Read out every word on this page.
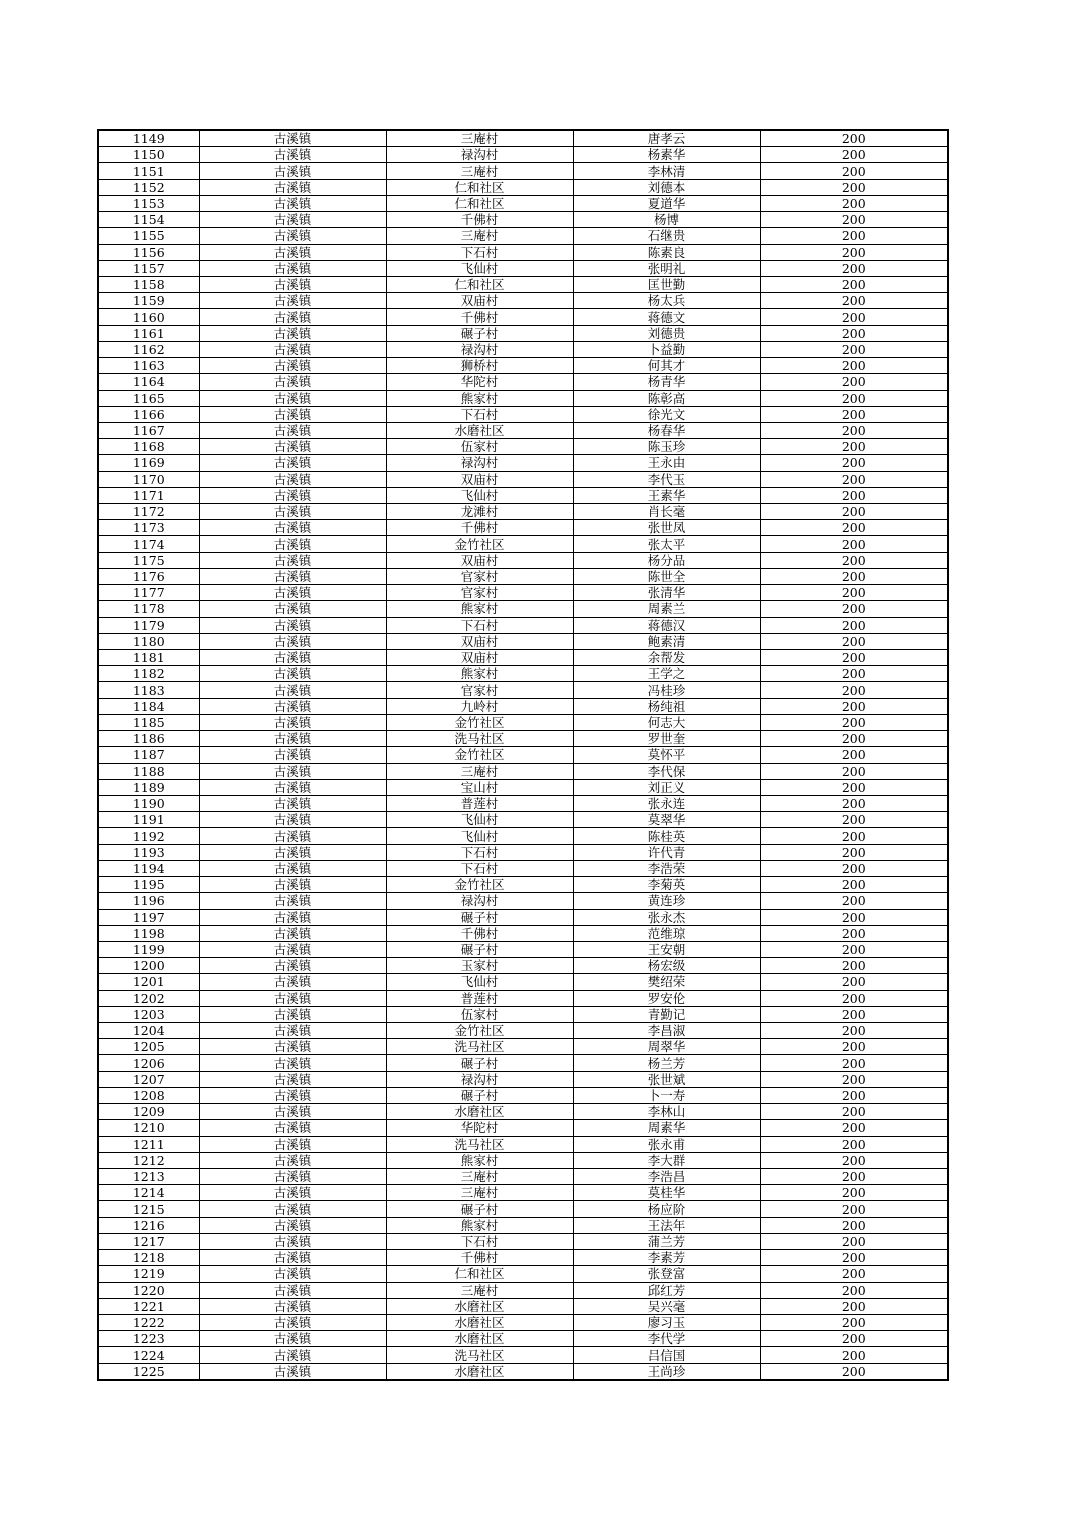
1149	古溪镇	三庵村	唐孝云	200
1150	古溪镇	禄沟村	杨素华	200
1151	古溪镇	三庵村	李林清	200
1152	古溪镇	仁和社区	刘德本	200
1153	古溪镇	仁和社区	夏道华	200
1154	古溪镇	千佛村	杨博	200
1155	古溪镇	三庵村	石继贵	200
1156	古溪镇	下石村	陈素良	200
1157	古溪镇	飞仙村	张明礼	200
1158	古溪镇	仁和社区	匡世勤	200
1159	古溪镇	双庙村	杨太兵	200
1160	古溪镇	千佛村	蒋德文	200
1161	古溪镇	碾子村	刘德贵	200
1162	古溪镇	禄沟村	卜益勤	200
1163	古溪镇	狮桥村	何其才	200
1164	古溪镇	华陀村	杨青华	200
1165	古溪镇	熊家村	陈彰高	200
1166	古溪镇	下石村	徐光文	200
1167	古溪镇	水磨社区	杨春华	200
1168	古溪镇	伍家村	陈玉珍	200
1169	古溪镇	禄沟村	王永由	200
1170	古溪镇	双庙村	李代玉	200
1171	古溪镇	飞仙村	王素华	200
1172	古溪镇	龙滩村	肖长毫	200
1173	古溪镇	千佛村	张世凤	200
1174	古溪镇	金竹社区	张太平	200
1175	古溪镇	双庙村	杨分品	200
1176	古溪镇	官家村	陈世全	200
1177	古溪镇	官家村	张清华	200
1178	古溪镇	熊家村	周素兰	200
1179	古溪镇	下石村	蒋德汉	200
1180	古溪镇	双庙村	鲍素清	200
1181	古溪镇	双庙村	余帮发	200
1182	古溪镇	熊家村	王学之	200
1183	古溪镇	官家村	冯桂珍	200
1184	古溪镇	九岭村	杨纯祖	200
1185	古溪镇	金竹社区	何志大	200
1186	古溪镇	洗马社区	罗世奎	200
1187	古溪镇	金竹社区	莫怀平	200
1188	古溪镇	三庵村	李代保	200
1189	古溪镇	宝山村	刘正义	200
1190	古溪镇	普莲村	张永连	200
1191	古溪镇	飞仙村	莫翠华	200
1192	古溪镇	飞仙村	陈桂英	200
1193	古溪镇	下石村	许代青	200
1194	古溪镇	下石村	李浩荣	200
1195	古溪镇	金竹社区	李菊英	200
1196	古溪镇	禄沟村	黄连珍	200
1197	古溪镇	碾子村	张永杰	200
1198	古溪镇	千佛村	范维琼	200
1199	古溪镇	碾子村	王安朝	200
1200	古溪镇	玉家村	杨宏级	200
1201	古溪镇	飞仙村	樊绍荣	200
1202	古溪镇	普莲村	罗安伦	200
1203	古溪镇	伍家村	青勤记	200
1204	古溪镇	金竹社区	李昌淑	200
1205	古溪镇	洗马社区	周翠华	200
1206	古溪镇	碾子村	杨兰芳	200
1207	古溪镇	禄沟村	张世斌	200
1208	古溪镇	碾子村	卜一寿	200
1209	古溪镇	水磨社区	李林山	200
1210	古溪镇	华陀村	周素华	200
1211	古溪镇	洗马社区	张永甫	200
1212	古溪镇	熊家村	李大群	200
1213	古溪镇	三庵村	李浩昌	200
1214	古溪镇	三庵村	莫桂华	200
1215	古溪镇	碾子村	杨应阶	200
1216	古溪镇	熊家村	王法年	200
1217	古溪镇	下石村	蒲兰芳	200
1218	古溪镇	千佛村	李素芳	200
1219	古溪镇	仁和社区	张登富	200
1220	古溪镇	三庵村	邱红芳	200
1221	古溪镇	水磨社区	吴兴毫	200
1222	古溪镇	水磨社区	廖习玉	200
1223	古溪镇	水磨社区	李代学	200
1224	古溪镇	洗马社区	吕信国	200
1225	古溪镇	水磨社区	王尚珍	200
